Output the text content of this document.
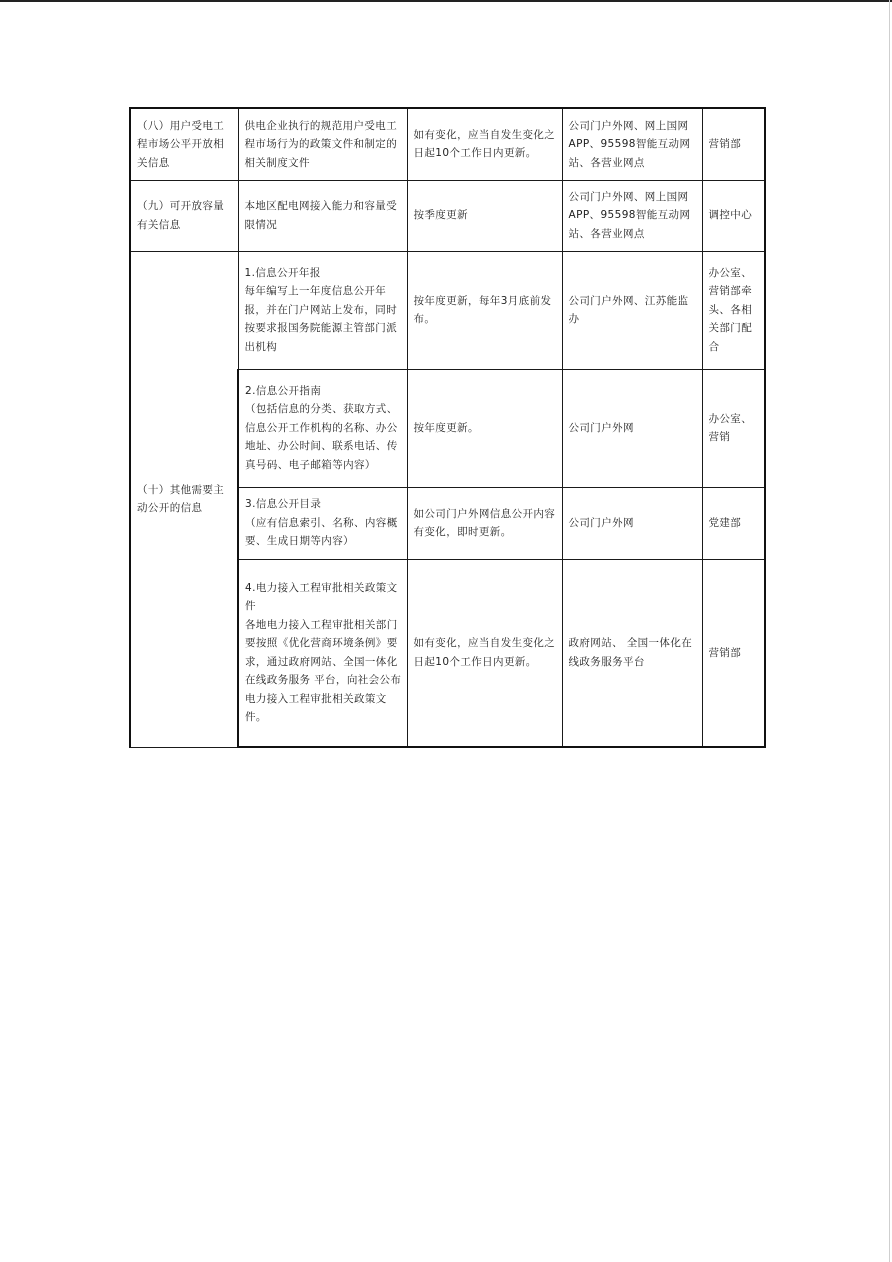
（八）用户受电工程市场公平开放相关信息	供电企业执行的规范用户受电工程市场行为的政策文件和制定的相关制度文件	如有变化，应当自发生变化之日起10个工作日内更新。	公司门户外网、网上国网APP、95598智能互动网站、各营业网点	营销部
（九）可开放容量有关信息	本地区配电网接入能力和容量受限情况	按季度更新	公司门户外网、网上国网APP、95598智能互动网站、各营业网点	调控中心
（十）其他需要主动公开的信息	1.信息公开年报
每年编写上一年度信息公开年报，并在门户网站上发布，同时按要求报国务院能源主管部门派出机构	按年度更新，每年3月底前发布。	公司门户外网、江苏能监办	办公室、营销部牵头、各相关部门配合

	2.信息公开指南
（包括信息的分类、获取方式、信息公开工作机构的名称、办公地址、办公时间、联系电话、传真号码、电子邮箱等内容）	按年度更新。	公司门户外网	办公室、营销

	3.信息公开目录
（应有信息索引、名称、内容概要、生成日期等内容）	如公司门户外网信息公开内容有变化，即时更新。	公司门户外网	党建部

	4.电力接入工程审批相关政策文件
各地电力接入工程审批相关部门要按照《优化营商环境条例》要求，通过政府网站、全国一体化在线政务服务 平台，向社会公布电力接入工程审批相关政策文件。	如有变化，应当自发生变化之日起10个工作日内更新。	政府网站、 全国一体化在线政务服务平台	营销部
